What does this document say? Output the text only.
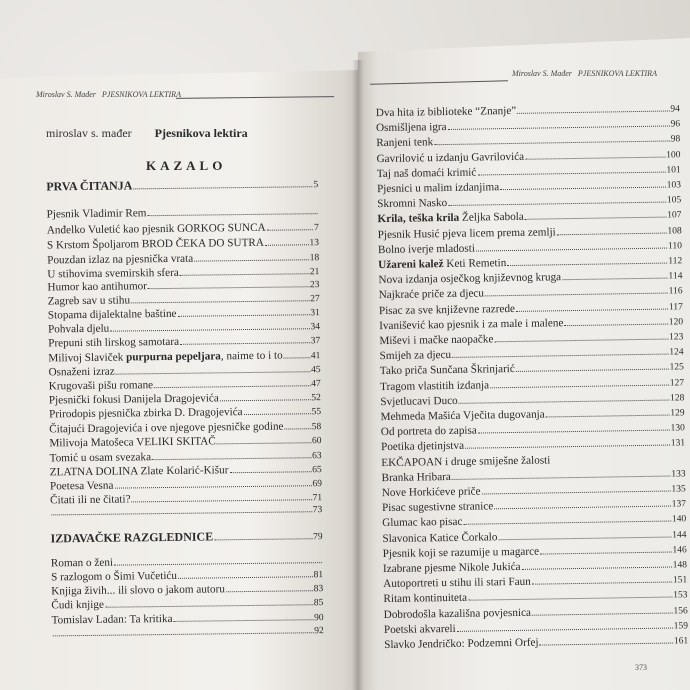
Miroslav S. Mađer PJESNIKOVA LEKTIRA
Miroslav S. Mađer PJESNIKOVA LEKTIRA
miroslav s. mađer Pjesnikova lektira
KAZALO
PRVA ČITANJA	5
Pjesnik Vladimir Rem
Anđelko Vuletić kao pjesnik GORKOG SUNCA	7
S Krstom Špoljarom BROD ČEKA DO SUTRA	13
Pouzdan izlaz na pjesnička vrata	18
U stihovima svemirskih sfera	21
Humor kao antihumor	23
Zagreb sav u stihu	27
Stopama dijalektalne baštine	31
Pohvala djelu	34
Prepuni stih lirskog samotara	37
Milivoj Slaviček purpurna pepeljara, naime to i to	41
Osnaženi izraz	45
Krugovaši pišu romane	47
Pjesnički fokusi Danijela Dragojevića	52
Prirodopis pjesnička zbirka D. Dragojevića	55
Čitajući Dragojevića i ove njegove pjesničke godine	58
Milivoja Matošeca VELIKI SKITAČ	60
Tomić u osam svezaka	63
ZLATNA DOLINA Zlate Kolarić-Kišur	65
Poetesa Vesna	69
Čitati ili ne čitati?	71
73
IZDAVAČKE RAZGLEDNICE	79
Roman o ženi
S razlogom o Šimi Vučetiću	81
Knjiga živih... ili slovo o jakom autoru	83
Čudi knjige	85
Tomislav Ladan: Ta kritika	90
92
Dva hita iz biblioteke “Znanje”	94
Osmišljena igra	96
Ranjeni tenk	98
Gavrilović u izdanju Gavrilovića	100
Taj naš domaći krimić	101
Pjesnici u malim izdanjima	103
Skromni Nasko	105
Krila, teška krila Željka Sabola	107
Pjesnik Husić pjeva licem prema zemlji	108
Bolno iverje mladosti	110
Užareni kalež Keti Remetin	112
Nova izdanja osječkog književnog kruga	114
Najkraće priče za djecu	116
Pisac za sve književne razrede	117
Ivanišević kao pjesnik i za male i malene	120
Miševi i mačke naopačke	123
Smijeh za djecu	124
Tako priča Sunčana Škrinjarić	125
Tragom vlastitih izdanja	127
Svjetlucavi Duco	128
Mehmeda Mašića Vječita dugovanja	129
Od portreta do zapisa	130
Poetika djetinjstva	131
EKČAPOAN i druge smiješne žalosti
Branka Hribara	133
Nove Horkićeve priče	135
Pisac sugestivne stranice	137
Glumac kao pisac	140
Slavonica Katice Čorkalo	144
Pjesnik koji se razumije u magarce	146
Izabrane pjesme Nikole Jukića	148
Autoportreti u stihu ili stari Faun	151
Ritam kontinuiteta	153
Dobrodošla kazališna povjesnica	156
Poetski akvareli	159
Slavko Jendričko: Podzemni Orfej	161
373
